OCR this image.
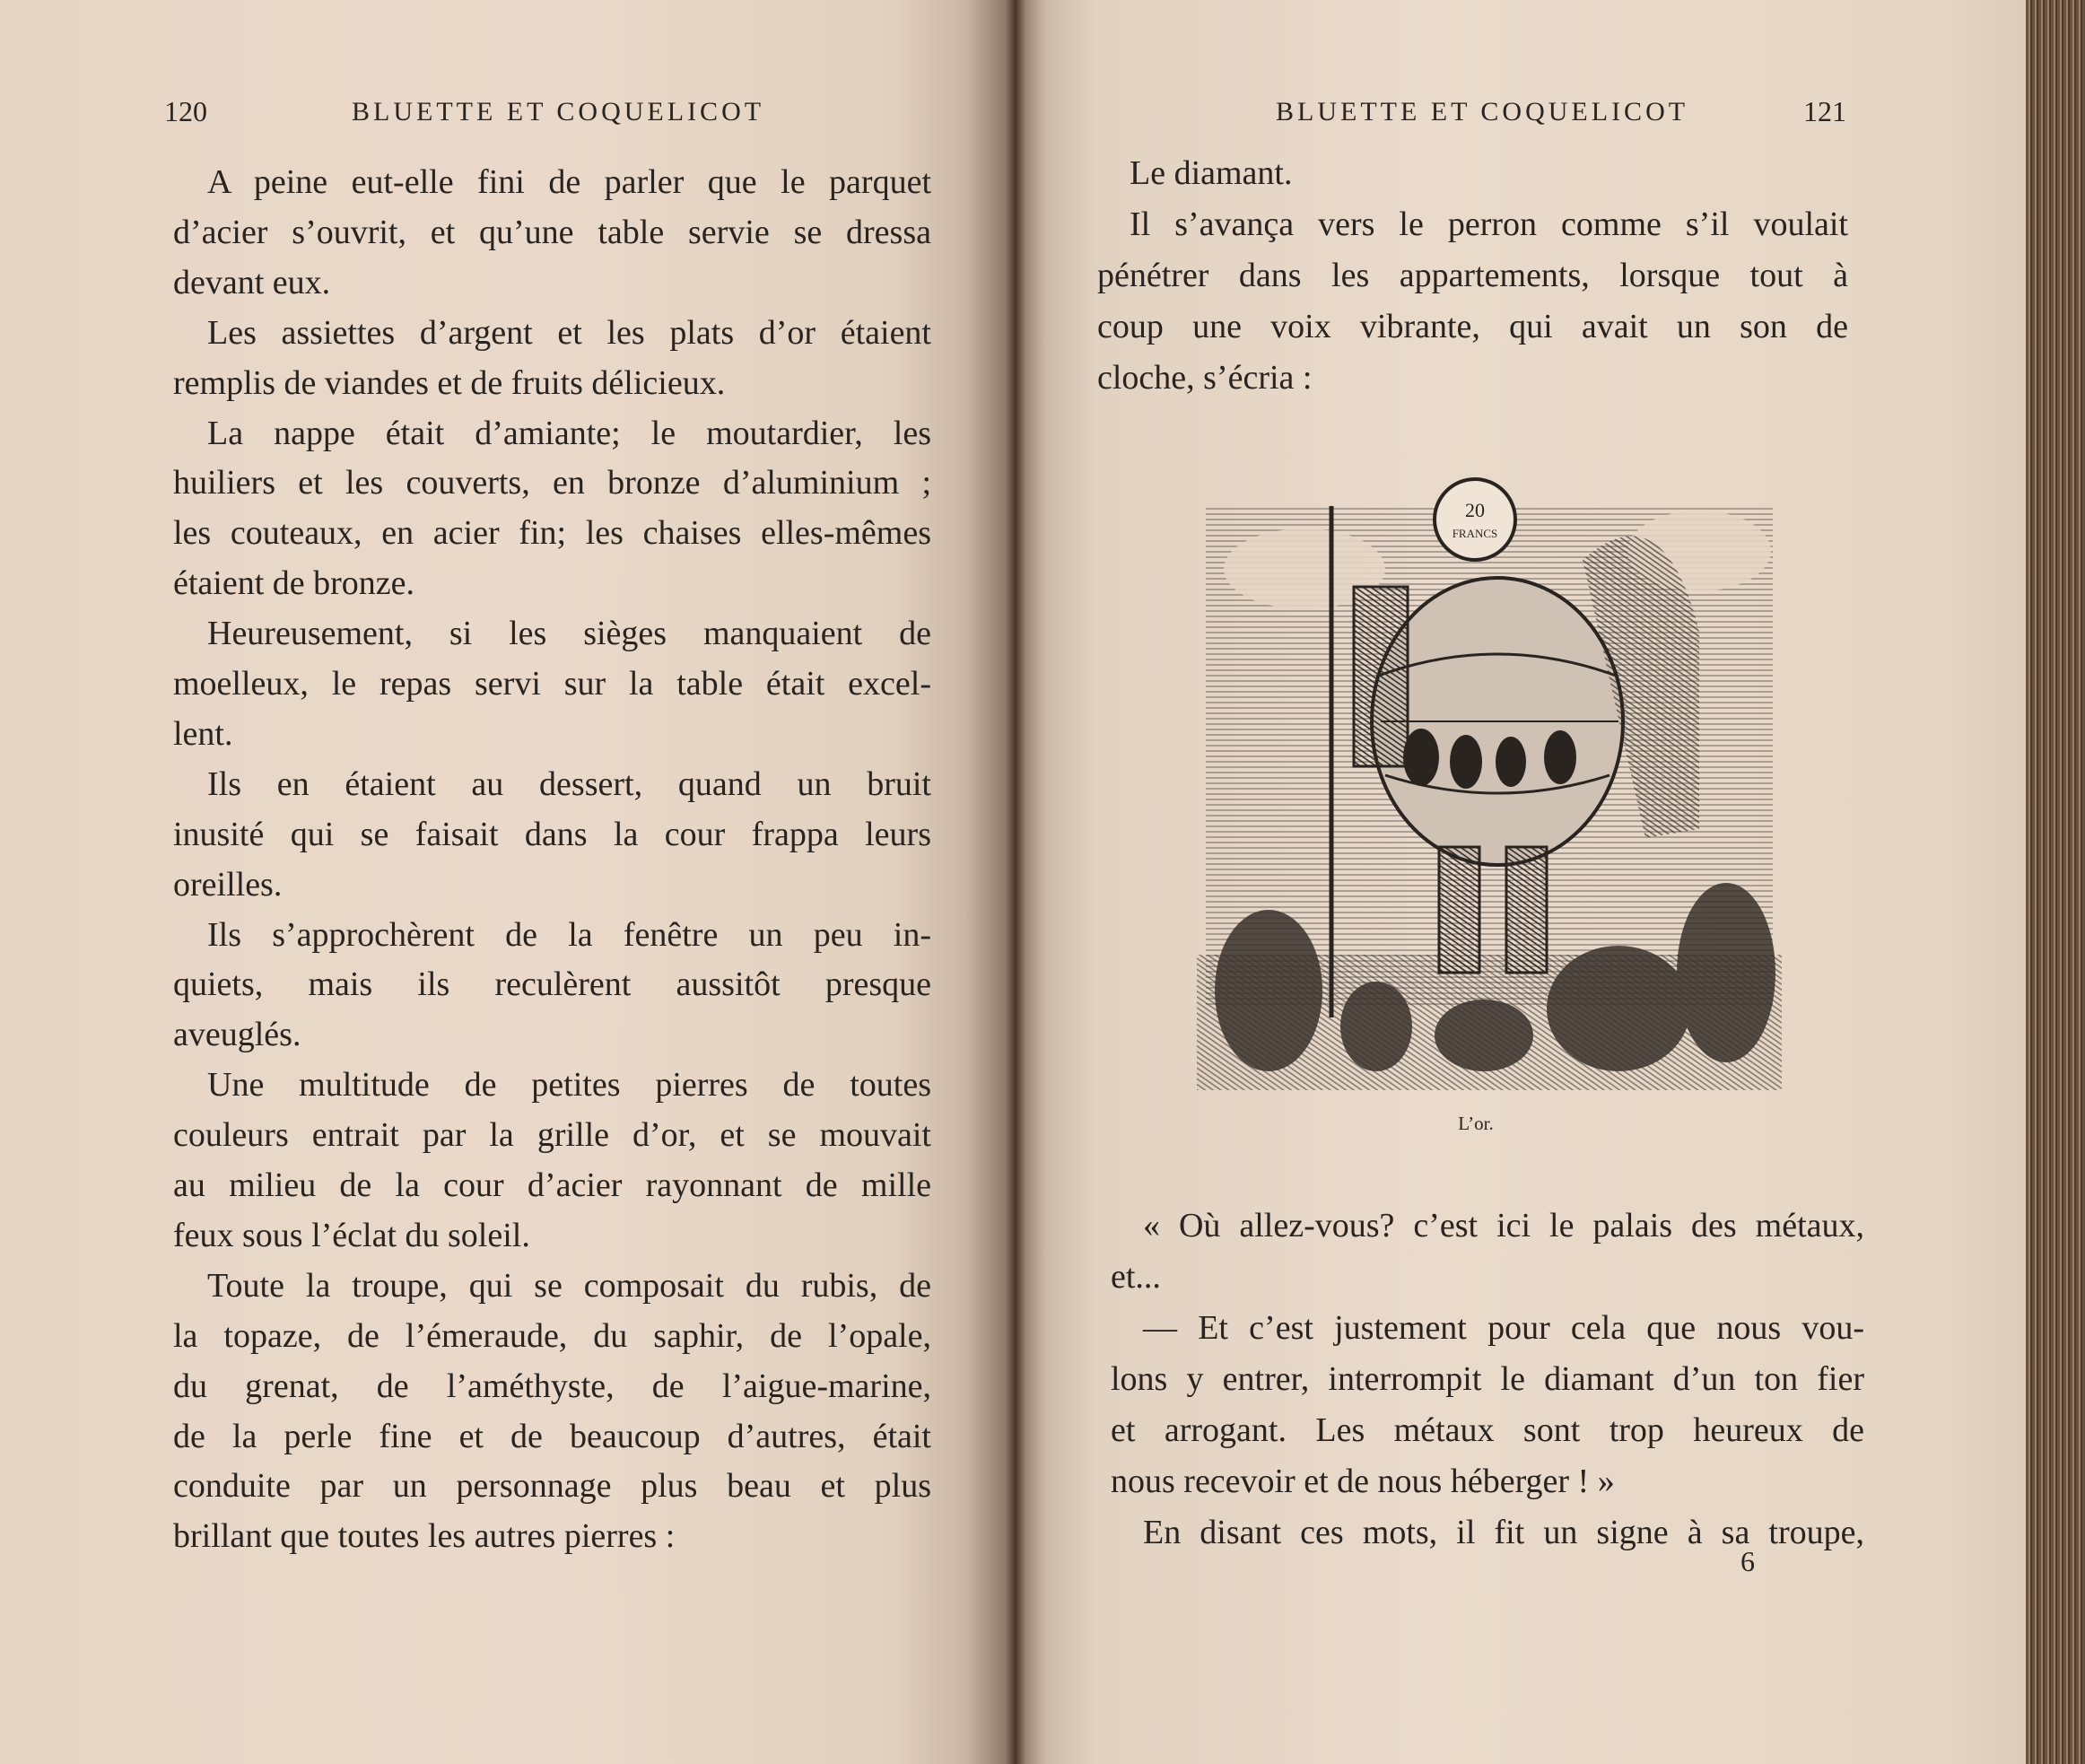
120	BLUETTE ET COQUELICOT	BLUETTE ET COQUELICOT	121
A peine eut-elle fini de parler que le parquet
d’acier s’ouvrit, et qu’une table servie se dressa
devant eux.
Les assiettes d’argent et les plats d’or étaient
remplis de viandes et de fruits délicieux.
La nappe était d’amiante; le moutardier, les
huiliers et les couverts, en bronze d’aluminium ;
les couteaux, en acier fin; les chaises elles-mêmes
étaient de bronze.
Heureusement, si les sièges manquaient de
moelleux, le repas servi sur la table était excel-
lent.
Ils en étaient au dessert, quand un bruit
inusité qui se faisait dans la cour frappa leurs
oreilles.
Ils s’approchèrent de la fenêtre un peu in-
quiets, mais ils reculèrent aussitôt presque
aveuglés.
Une multitude de petites pierres de toutes
couleurs entrait par la grille d’or, et se mouvait
au milieu de la cour d’acier rayonnant de mille
feux sous l’éclat du soleil.
Toute la troupe, qui se composait du rubis, de
la topaze, de l’émeraude, du saphir, de l’opale,
du grenat, de l’améthyste, de l’aigue-marine,
de la perle fine et de beaucoup d’autres, était
conduite par un personnage plus beau et plus
brillant que toutes les autres pierres :
Le diamant.
Il s’avança vers le perron comme s’il voulait
pénétrer dans les appartements, lorsque tout à
coup une voix vibrante, qui avait un son de
cloche, s’écria :
20
FRANCS
L’or.
« Où allez-vous? c’est ici le palais des métaux,
et...
— Et c’est justement pour cela que nous vou-
lons y entrer, interrompit le diamant d’un ton fier
et arrogant. Les métaux sont trop heureux de
nous recevoir et de nous héberger ! »
En disant ces mots, il fit un signe à sa troupe,
6
